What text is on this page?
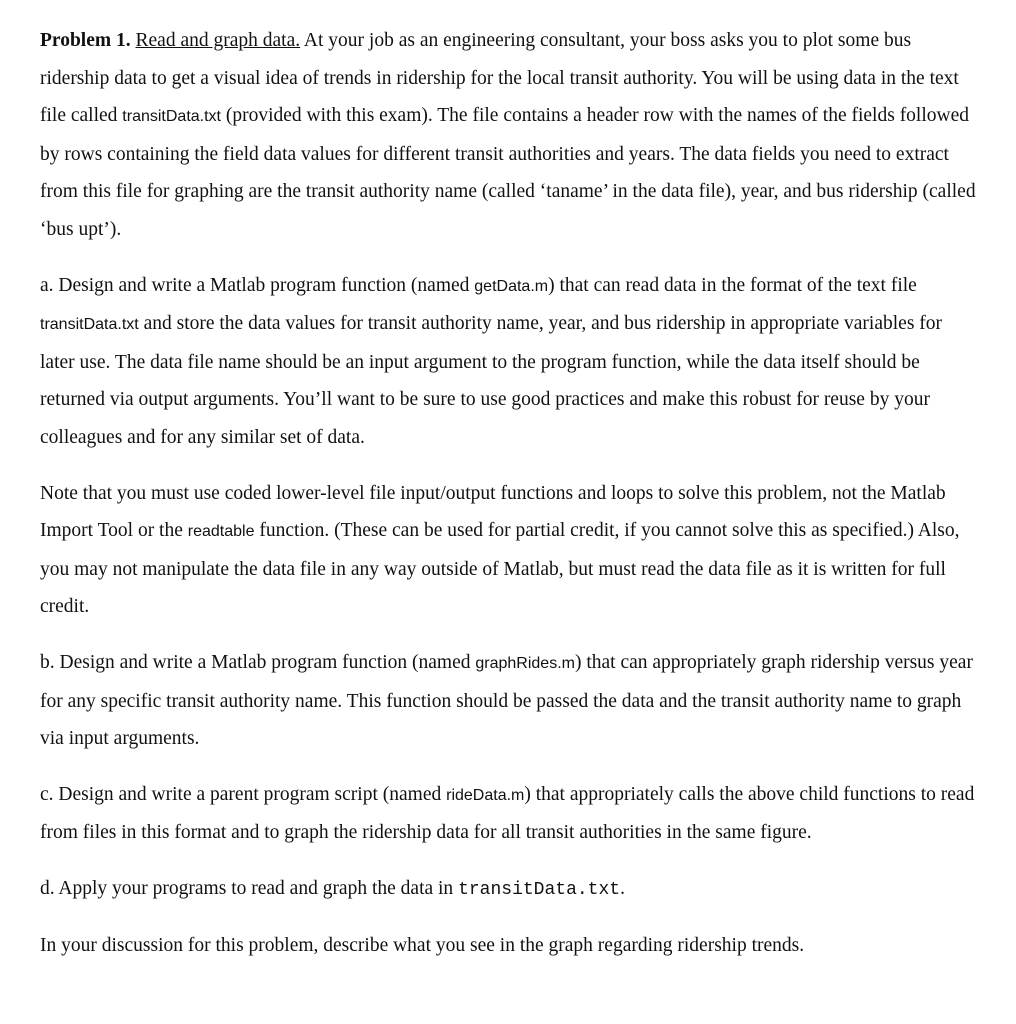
Problem 1. Read and graph data. At your job as an engineering consultant, your boss asks you to plot some bus ridership data to get a visual idea of trends in ridership for the local transit authority. You will be using data in the text file called transitData.txt (provided with this exam). The file contains a header row with the names of the fields followed by rows containing the field data values for different transit authorities and years. The data fields you need to extract from this file for graphing are the transit authority name (called ‘taname’ in the data file), year, and bus ridership (called ‘bus upt’).

a. Design and write a Matlab program function (named getData.m) that can read data in the format of the text file transitData.txt and store the data values for transit authority name, year, and bus ridership in appropriate variables for later use. The data file name should be an input argument to the program function, while the data itself should be returned via output arguments. You’ll want to be sure to use good practices and make this robust for reuse by your colleagues and for any similar set of data.

Note that you must use coded lower-level file input/output functions and loops to solve this problem, not the Matlab Import Tool or the readtable function. (These can be used for partial credit, if you cannot solve this as specified.) Also, you may not manipulate the data file in any way outside of Matlab, but must read the data file as it is written for full credit.

b. Design and write a Matlab program function (named graphRides.m) that can appropriately graph ridership versus year for any specific transit authority name. This function should be passed the data and the transit authority name to graph via input arguments.

c. Design and write a parent program script (named rideData.m) that appropriately calls the above child functions to read from files in this format and to graph the ridership data for all transit authorities in the same figure.

d. Apply your programs to read and graph the data in transitData.txt.

In your discussion for this problem, describe what you see in the graph regarding ridership trends.
